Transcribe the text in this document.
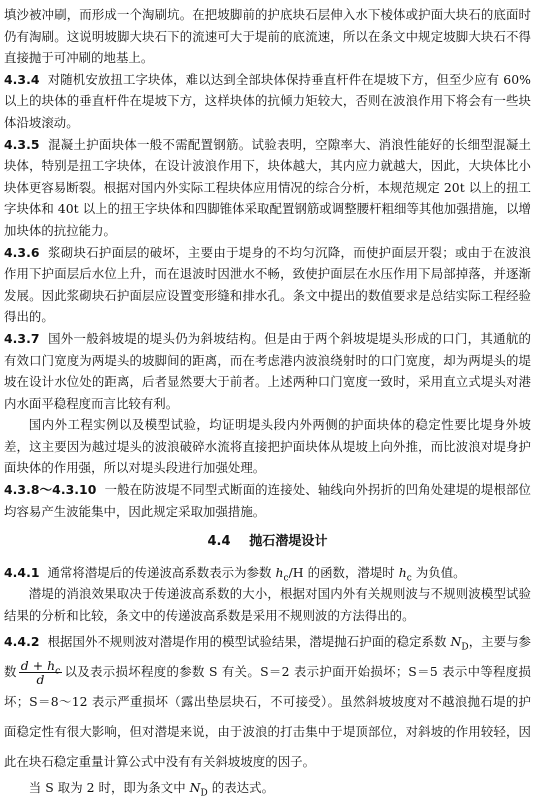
填沙被冲刷，而形成一个淘刷坑。在把坡脚前的护底块石层伸入水下棱体或护面大块石的底面时仍有淘刷。这说明坡脚大块石下的流速可大于堤前的底流速，所以在条文中规定坡脚大块石不得直接抛于可冲刷的地基上。

4.3.4 对随机安放扭工字块体，难以达到全部块体保持垂直杆件在堤坡下方，但至少应有 60% 以上的块体的垂直杆件在堤坡下方，这样块体的抗倾力矩较大，否则在波浪作用下将会有一些块体沿坡滚动。

4.3.5 混凝土护面块体一般不需配置钢筋。试验表明，空隙率大、消浪性能好的长细型混凝土块体，特别是扭工字块体，在设计波浪作用下，块体越大，其内应力就越大，因此，大块体比小块体更容易断裂。根据对国内外实际工程块体应用情况的综合分析，本规范规定 20t 以上的扭工字块体和 40t 以上的扭王字块体和四脚锥体采取配置钢筋或调整腰杆粗细等其他加强措施，以增加块体的抗拉能力。

4.3.6 浆砌块石护面层的破坏，主要由于堤身的不均匀沉降，而使护面层开裂；或由于在波浪作用下护面层后水位上升，而在退波时因泄水不畅，致使护面层在水压作用下局部掉落，并逐渐发展。因此浆砌块石护面层应设置变形缝和排水孔。条文中提出的数值要求是总结实际工程经验得出的。

4.3.7 国外一般斜坡堤的堤头仍为斜坡结构。但是由于两个斜坡堤堤头形成的口门，其通航的有效口门宽度为两堤头的坡脚间的距离，而在考虑港内波浪绕射时的口门宽度，却为两堤头的堤坡在设计水位处的距离，后者显然要大于前者。上述两种口门宽度一致时，采用直立式堤头对港内水面平稳程度而言比较有利。

国内外工程实例以及模型试验，均证明堤头段内外两侧的护面块体的稳定性要比堤身外坡差，这主要因为越过堤头的波浪破碎水流将直接把护面块体从堤坡上向外推，而比波浪对堤身护面块体的作用强，所以对堤头段进行加强处理。

4.3.8～4.3.10 一般在防波堤不同型式断面的连接处、轴线向外拐折的凹角处建堤的堤根部位均容易产生波能集中，因此规定采取加强措施。

4.4 抛石潜堤设计

4.4.1 通常将潜堤后的传递波高系数表示为参数 $h_c/H$ 的函数，潜堤时 $h_c$ 为负值。

潜堤的消浪效果取决于传递波高系数的大小，根据对国内外有关规则波与不规则波模型试验结果的分析和比较，条文中的传递波高系数是采用不规则波的方法得出的。

4.4.2 根据国外不规则波对潜堤作用的模型试验结果，潜堤抛石护面的稳定系数 $N_D$，主要与参数 $\frac{d + h_c}{d}$ 以及表示损坏程度的参数 S 有关。S＝2 表示护面开始损坏；S＝5 表示中等程度损坏；S＝8～12 表示严重损坏（露出垫层块石，不可接受）。虽然斜坡坡度对不越浪抛石堤的护面稳定性有很大影响，但对潜堤来说，由于波浪的打击集中于堤顶部位，对斜坡的作用较轻，因此在块石稳定重量计算公式中没有有关斜坡坡度的因子。

当 S 取为 2 时，即为条文中 $N_D$ 的表达式。
